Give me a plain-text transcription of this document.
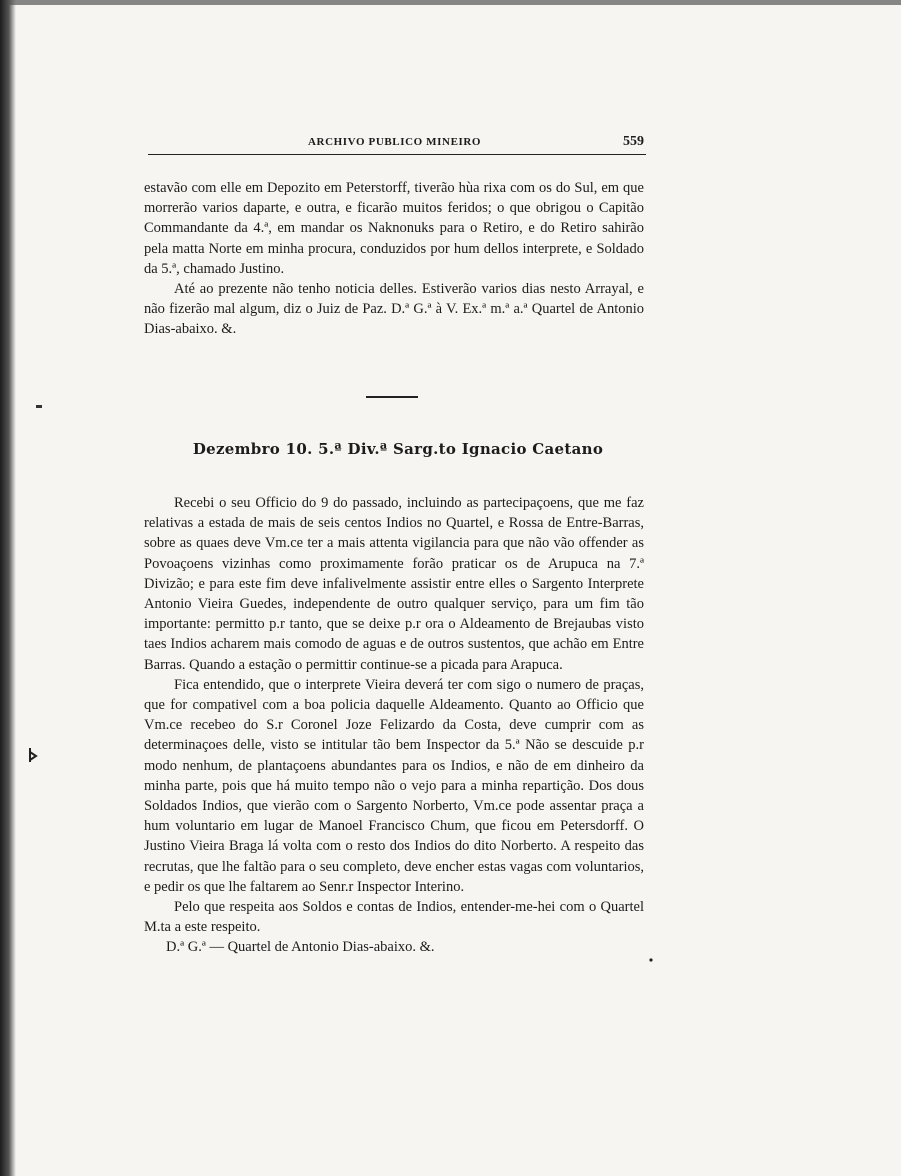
ARCHIVO PUBLICO MINEIRO	559

estavão com elle em Depozito em Peterstorff, tiverão hùa rixa com os do Sul, em que morrerão varios daparte, e outra, e ficarão muitos feridos; o que obrigou o Capitão Commandante da 4.ª, em mandar os Naknonuks para o Retiro, e do Retiro sahirão pela matta Norte em minha procura, conduzidos por hum dellos interprete, e Soldado da 5.ª, chamado Justino.

Até ao prezente não tenho noticia delles. Estiverão varios dias nesto Arrayal, e não fizerão mal algum, diz o Juiz de Paz. D.ª G.ª à V. Ex.ª m.ª a.ª Quartel de Antonio Dias-abaixo. &.

Dezembro 10. 5.ª Div.ª Sarg.to Ignacio Caetano

Recebi o seu Officio do 9 do passado, incluindo as partecipaçoens, que me faz relativas a estada de mais de seis centos Indios no Quartel, e Rossa de Entre-Barras, sobre as quaes deve Vm.ce ter a mais attenta vigilancia para que não vão offender as Povoaçoens vizinhas como proximamente forão praticar os de Arupuca na 7.ª Divizão; e para este fim deve infalivelmente assistir entre elles o Sargento Interprete Antonio Vieira Guedes, independente de outro qualquer serviço, para um fim tão importante: permitto p.r tanto, que se deixe p.r ora o Aldeamento de Brejaubas visto taes Indios acharem mais comodo de aguas e de outros sustentos, que achão em Entre Barras. Quando a estação o permittir continue-se a picada para Arapuca.

Fica entendido, que o interprete Vieira deverá ter com sigo o numero de praças, que for compativel com a boa policia daquelle Aldeamento. Quanto ao Officio que Vm.ce recebeo do S.r Coronel Joze Felizardo da Costa, deve cumprir com as determinaçoes delle, visto se intitular tão bem Inspector da 5.ª Não se descuide p.r modo nenhum, de plantaçoens abundantes para os Indios, e não de em dinheiro da minha parte, pois que há muito tempo não o vejo para a minha repartição. Dos dous Soldados Indios, que vierão com o Sargento Norberto, Vm.ce pode assentar praça a hum voluntario em lugar de Manoel Francisco Chum, que ficou em Petersdorff. O Justino Vieira Braga lá volta com o resto dos Indios do dito Norberto. A respeito das recrutas, que lhe faltão para o seu completo, deve encher estas vagas com voluntarios, e pedir os que lhe faltarem ao Senr.r Inspector Interino.

Pelo que respeita aos Soldos e contas de Indios, entender-me-hei com o Quartel M.ta a este respeito.

D.ª G.ª — Quartel de Antonio Dias-abaixo. &.
